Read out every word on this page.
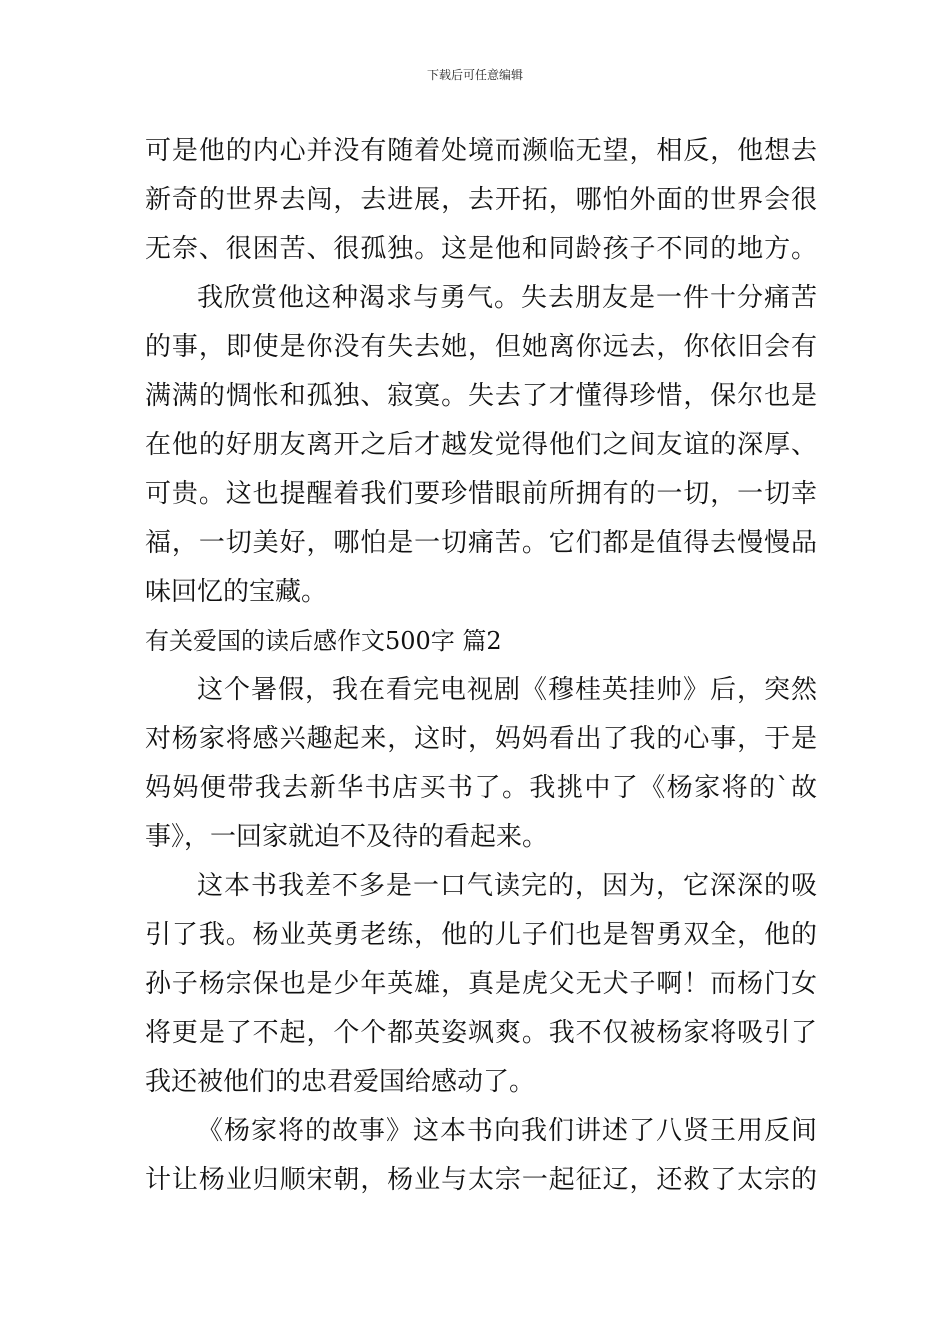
下载后可任意编辑
可是他的内心并没有随着处境而濒临无望，相反，他想去
新奇的世界去闯，去进展，去开拓，哪怕外面的世界会很
无奈、很困苦、很孤独。这是他和同龄孩子不同的地方。
我欣赏他这种渴求与勇气。失去朋友是一件十分痛苦
的事，即使是你没有失去她，但她离你远去，你依旧会有
满满的惆怅和孤独、寂寞。失去了才懂得珍惜，保尔也是
在他的好朋友离开之后才越发觉得他们之间友谊的深厚、
可贵。这也提醒着我们要珍惜眼前所拥有的一切，一切幸
福，一切美好，哪怕是一切痛苦。它们都是值得去慢慢品
味回忆的宝藏。
有关爱国的读后感作文500字 篇2
这个暑假，我在看完电视剧《穆桂英挂帅》后，突然
对杨家将感兴趣起来，这时，妈妈看出了我的心事，于是
妈妈便带我去新华书店买书了。我挑中了《杨家将的`故
事》，一回家就迫不及待的看起来。
这本书我差不多是一口气读完的，因为，它深深的吸
引了我。杨业英勇老练，他的儿子们也是智勇双全，他的
孙子杨宗保也是少年英雄，真是虎父无犬子啊！而杨门女
将更是了不起，个个都英姿飒爽。我不仅被杨家将吸引了
我还被他们的忠君爱国给感动了。
《杨家将的故事》这本书向我们讲述了八贤王用反间
计让杨业归顺宋朝，杨业与太宗一起征辽，还救了太宗的
